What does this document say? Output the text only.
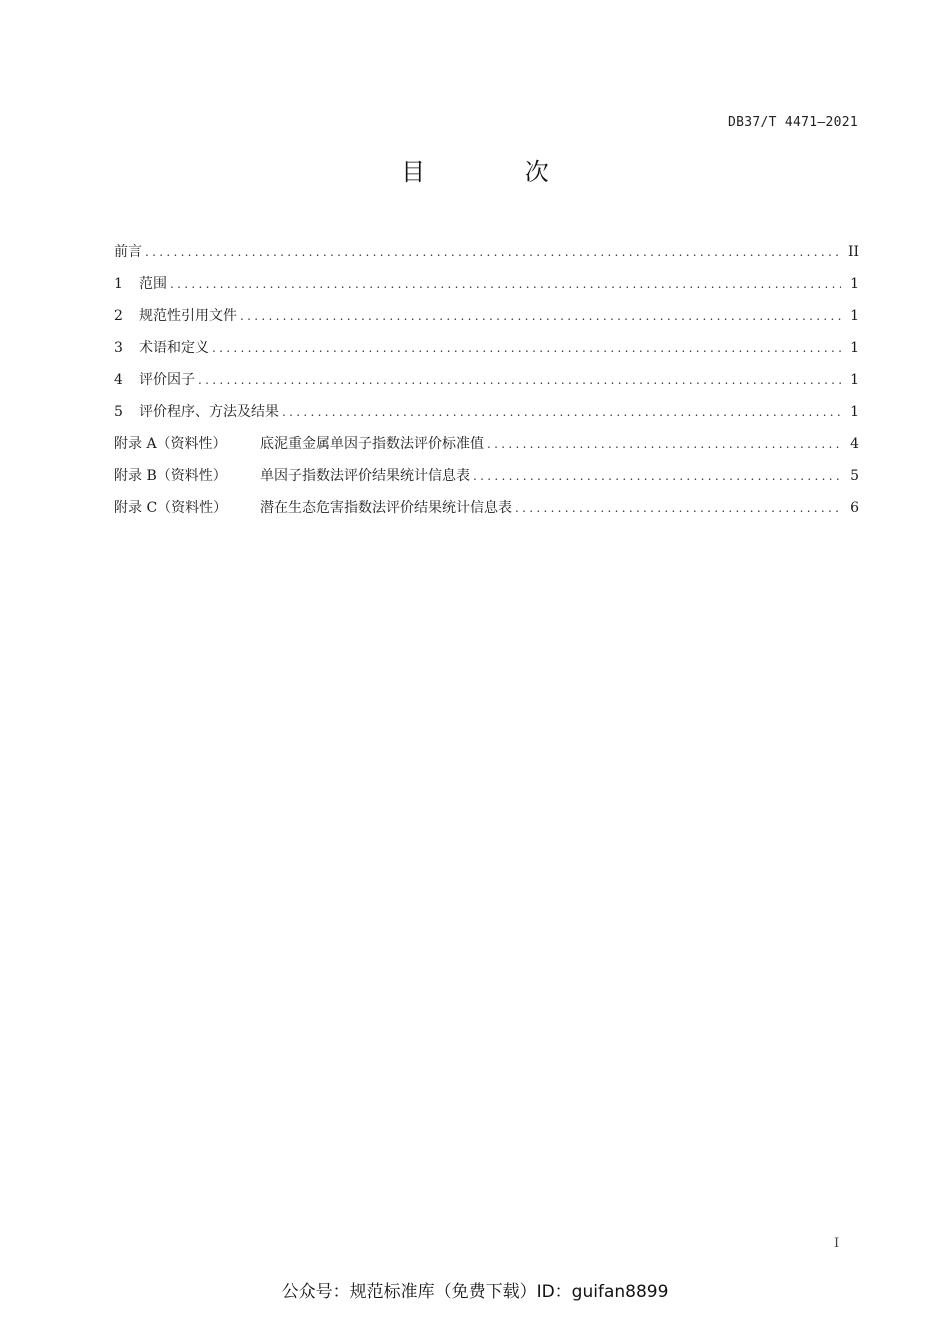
DB37/T 4471—2021
目 次
前言 .....	II
1	范围 .....	1
2	规范性引用文件 .....	1
3	术语和定义 .....	1
4	评价因子 .....	1
5	评价程序、方法及结果 .....	1
附录 A（资料性）	底泥重金属单因子指数法评价标准值 .....	4
附录 B（资料性）	单因子指数法评价结果统计信息表 .....	5
附录 C（资料性）	潜在生态危害指数法评价结果统计信息表 .....	6
I
公众号：规范标准库（免费下载）ID：guifan8899
